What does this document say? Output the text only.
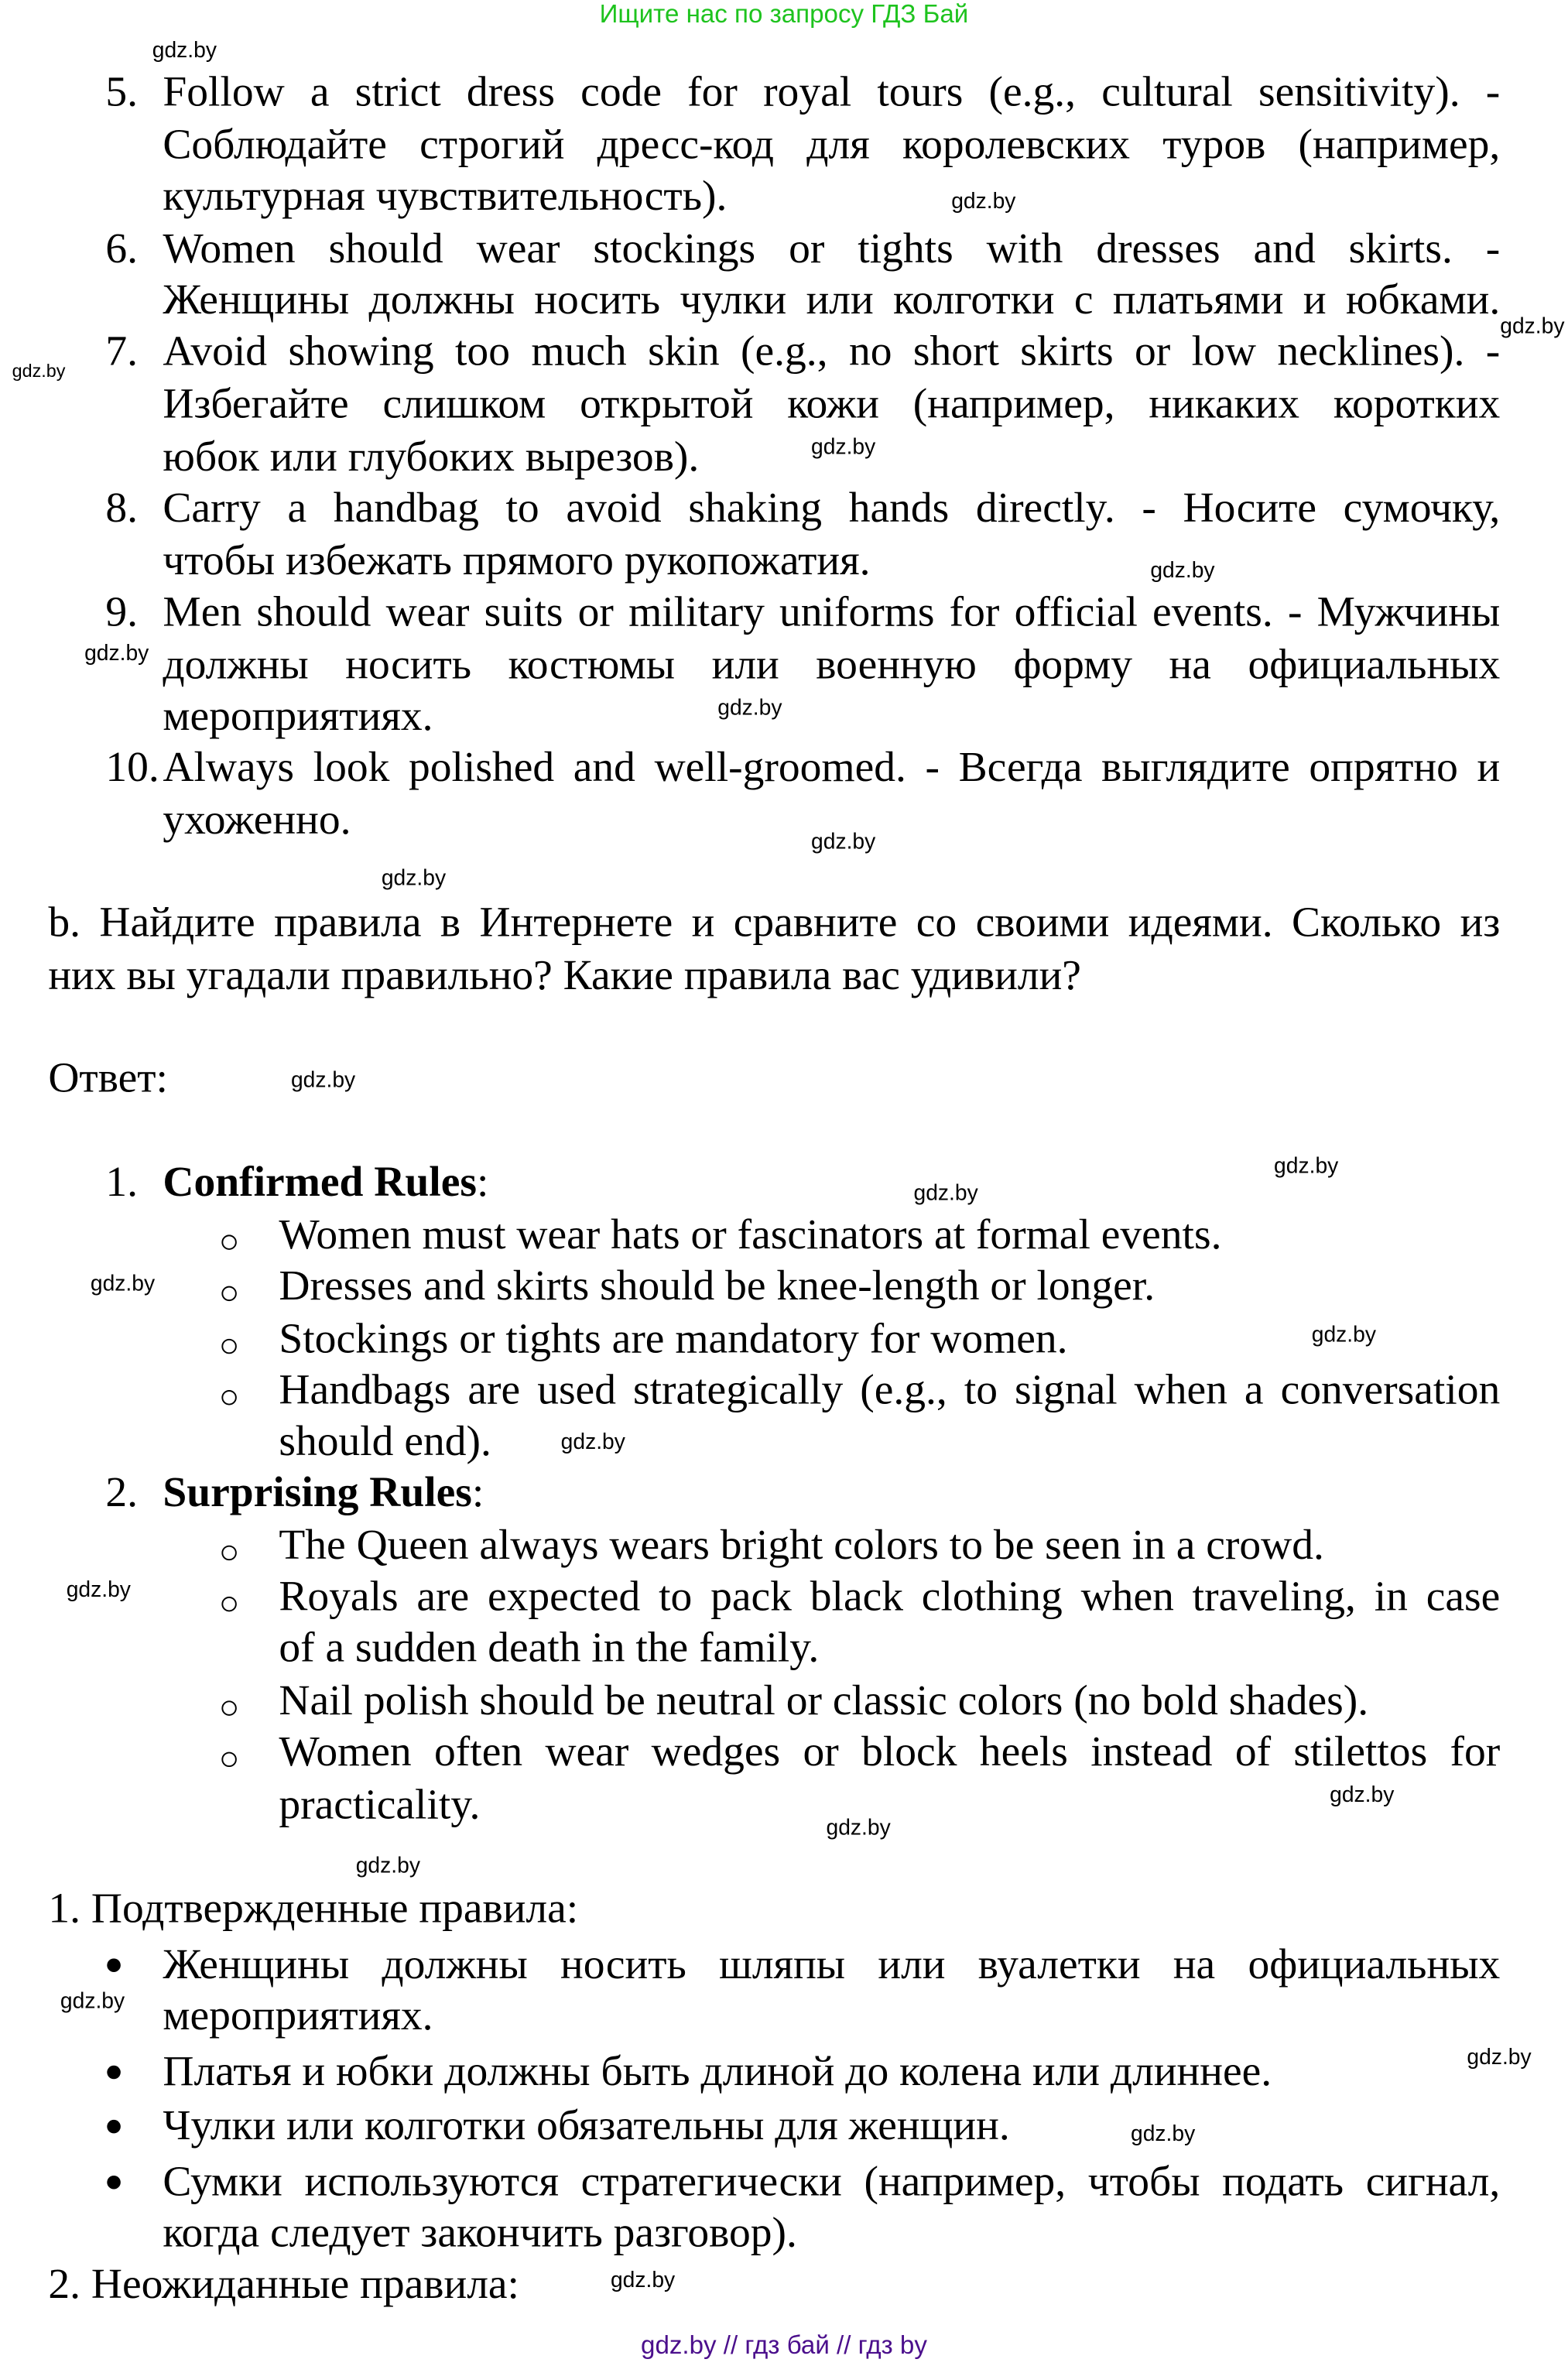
Ищите нас по запросу ГДЗ Бай
5. Follow a strict dress code for royal tours (e.g., cultural sensitivity). -
Соблюдайте строгий дресс-код для королевских туров (например,
культурная чувствительность).
6. Women should wear stockings or tights with dresses and skirts. -
Женщины должны носить чулки или колготки с платьями и юбками.
7. Avoid showing too much skin (e.g., no short skirts or low necklines). -
Избегайте слишком открытой кожи (например, никаких коротких
юбок или глубоких вырезов).
8. Carry a handbag to avoid shaking hands directly. - Носите сумочку,
чтобы избежать прямого рукопожатия.
9. Men should wear suits or military uniforms for official events. - Мужчины
должны носить костюмы или военную форму на официальных
мероприятиях.
10. Always look polished and well-groomed. - Всегда выглядите опрятно и
ухоженно.
b. Найдите правила в Интернете и сравните со своими идеями. Сколько из
них вы угадали правильно? Какие правила вас удивили?
Ответ:
1. Confirmed Rules:
Women must wear hats or fascinators at formal events.
Dresses and skirts should be knee-length or longer.
Stockings or tights are mandatory for women.
Handbags are used strategically (e.g., to signal when a conversation
should end).
2. Surprising Rules:
The Queen always wears bright colors to be seen in a crowd.
Royals are expected to pack black clothing when traveling, in case
of a sudden death in the family.
Nail polish should be neutral or classic colors (no bold shades).
Women often wear wedges or block heels instead of stilettos for
practicality.
1. Подтвержденные правила:
Женщины должны носить шляпы или вуалетки на официальных
мероприятиях.
Платья и юбки должны быть длиной до колена или длиннее.
Чулки или колготки обязательны для женщин.
Сумки используются стратегически (например, чтобы подать сигнал,
когда следует закончить разговор).
2. Неожиданные правила:
gdz.by
gdz.by
gdz.by
gdz.by
gdz.by
gdz.by
gdz.by
gdz.by
gdz.by
gdz.by
gdz.by
gdz.by
gdz.by
gdz.by
gdz.by
gdz.by
gdz.by
gdz.by
gdz.by
gdz.by
gdz.by
gdz.by
gdz.by
gdz.by
gdz.by // гдз бай // гдз by
